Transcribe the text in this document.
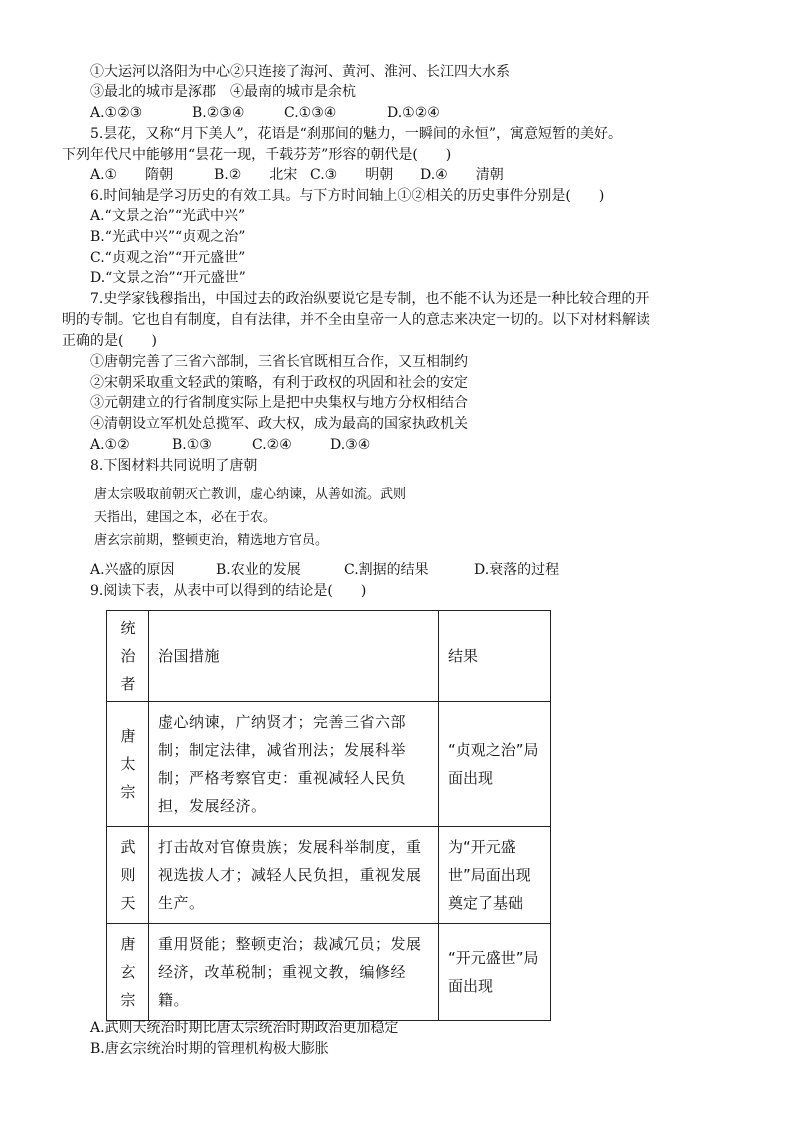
①大运河以洛阳为中心②只连接了海河、黄河、淮河、长江四大水系
③最北的城市是涿郡　④最南的城市是余杭
A.①②③	B.②③④	C.①③④	D.①②④
5.昙花，又称“月下美人”，花语是“刹那间的魅力，一瞬间的永恒”，寓意短暂的美好。
下列年代尺中能够用“昙花一现，千载芬芳”形容的朝代是(　　)
A.①　　隋朝	B.②　　北宋 C.③　　明朝 D.④　　清朝
6.时间轴是学习历史的有效工具。与下方时间轴上①②相关的历史事件分别是(　　)
A.“文景之治”“光武中兴”
B.“光武中兴”“贞观之治”
C.“贞观之治”“开元盛世”
D.“文景之治”“开元盛世”
7.史学家钱穆指出，中国过去的政治纵要说它是专制，也不能不认为还是一种比较合理的开
明的专制。它也自有制度，自有法律，并不全由皇帝一人的意志来决定一切的。以下对材料解读
正确的是(　　)
①唐朝完善了三省六部制，三省长官既相互合作，又互相制约
②宋朝采取重文轻武的策略，有利于政权的巩固和社会的安定
③元朝建立的行省制度实际上是把中央集权与地方分权相结合
④清朝设立军机处总揽军、政大权，成为最高的国家执政机关
A.①②	B.①③	C.②④	D.③④
8.下图材料共同说明了唐朝
唐太宗吸取前朝灭亡教训，虚心纳谏，从善如流。武则
天指出，建国之本，必在于农。
唐玄宗前期，整顿吏治，精选地方官员。
A.兴盛的原因	B.农业的发展	C.割据的结果	D.衰落的过程
9.阅读下表，从表中可以得到的结论是(　　)
统治者	治国措施	结果

唐太宗	虚心纳谏，广纳贤才；完善三省六部制；制定法律，减省刑法；发展科举制；严格考察官吏：重视减轻人民负担，发展经济。	“贞观之治”局面出现

武则天	打击故对官僚贵族；发展科举制度，重视选拔人才；减轻人民负担，重视发展生产。	为“开元盛世”局面出现奠定了基础

唐玄宗	重用贤能；整顿吏治；裁减冗员；发展经济，改革税制；重视文教，编修经籍。	“开元盛世”局面出现
A.武则天统治时期比唐太宗统治时期政治更加稳定
B.唐玄宗统治时期的管理机构极大膨胀
